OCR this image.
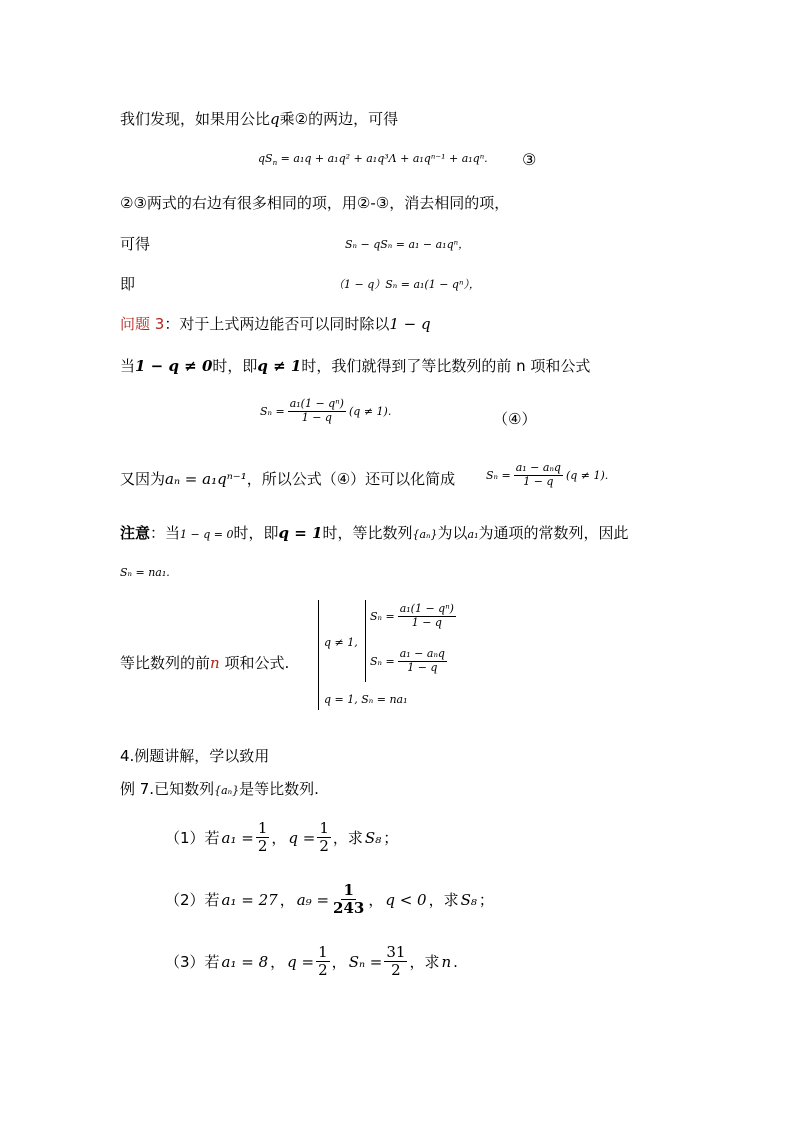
我们发现，如果用公比q乘②的两边，可得
$qS_n = a_1q + a_1q^2 + a_1q^3\Lambda + a_1q^{n-1} + a_1q^n$. ③
②③两式的右边有很多相同的项，用②-③，消去相同的项，
可得	Sₙ − qSₙ = a₁ − a₁qⁿ，
即	（1 − q）Sₙ = a₁(1 − qⁿ），
问题 3：对于上式两边能否可以同时除以1 − q
当1 − q ≠ 0时，即q ≠ 1时，我们就得到了等比数列的前 n 项和公式
$S_n = \frac{\text{a₁(1 − qⁿ)}}{1 - q} (q \ne 1)$.	（④）
又因为aₙ = a₁qⁿ⁻¹，所以公式（④）还可以化简成	$S_n = \frac{\text{a₁ − aₙq}}{1 - q} (q \ne 1)$.
注意：当1 − q = 0时，即q = 1时，等比数列{aₙ}为以a₁为通项的常数列，因此
Sₙ = na₁.
等比数列的前n 项和公式.
q ≠ 1,
$S_n = \frac{\text{a₁(1 − qⁿ)}}{1 - q}$
$S_n = \frac{\text{a₁ − aₙq}}{1 - q}$
q = 1, Sₙ = na₁
4.例题讲解，学以致用
例 7.已知数列{aₙ}是等比数列.
（1）若 $a_1 = \frac{1}{2}$ ， $q = \frac{1}{2}$ ，求 S₈ ；
（2）若 a₁ = 27 ， $a_9 = \frac{1}{243}$ ， q < 0 ，求 S₈ ；
（3）若 a₁ = 8 ， $q = \frac{1}{2}$ ， $S_n = \frac{31}{2}$ ，求 n .
